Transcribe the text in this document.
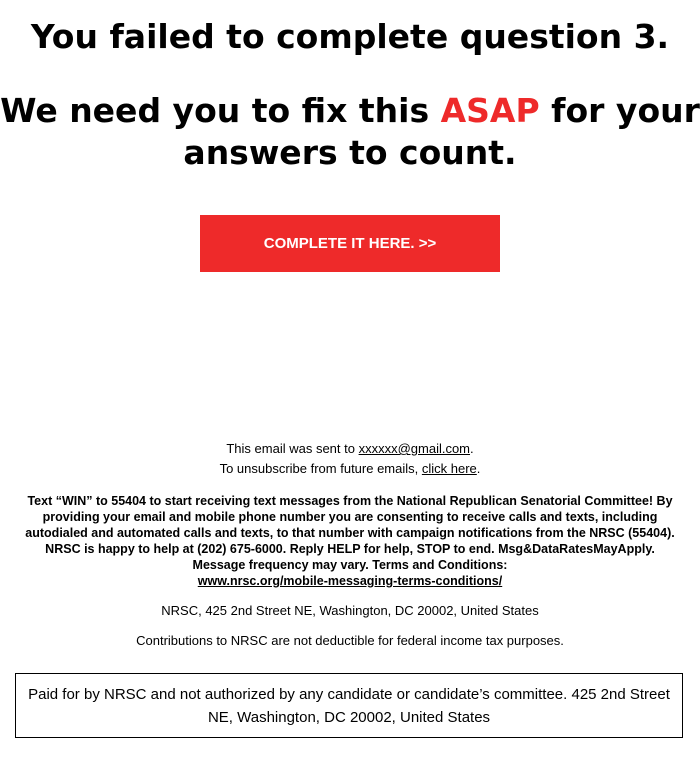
You failed to complete question 3.
We need you to fix this ASAP for your answers to count.
COMPLETE IT HERE. >>
This email was sent to xxxxxx@gmail.com.
To unsubscribe from future emails, click here.
Text “WIN” to 55404 to start receiving text messages from the National Republican Senatorial Committee! By providing your email and mobile phone number you are consenting to receive calls and texts, including autodialed and automated calls and texts, to that number with campaign notifications from the NRSC (55404). NRSC is happy to help at (202) 675-6000. Reply HELP for help, STOP to end. Msg&DataRatesMayApply. Message frequency may vary. Terms and Conditions:
www.nrsc.org/mobile-messaging-terms-conditions/
NRSC, 425 2nd Street NE, Washington, DC 20002, United States
Contributions to NRSC are not deductible for federal income tax purposes.
Paid for by NRSC and not authorized by any candidate or candidate’s committee. 425 2nd Street NE, Washington, DC 20002, United States
